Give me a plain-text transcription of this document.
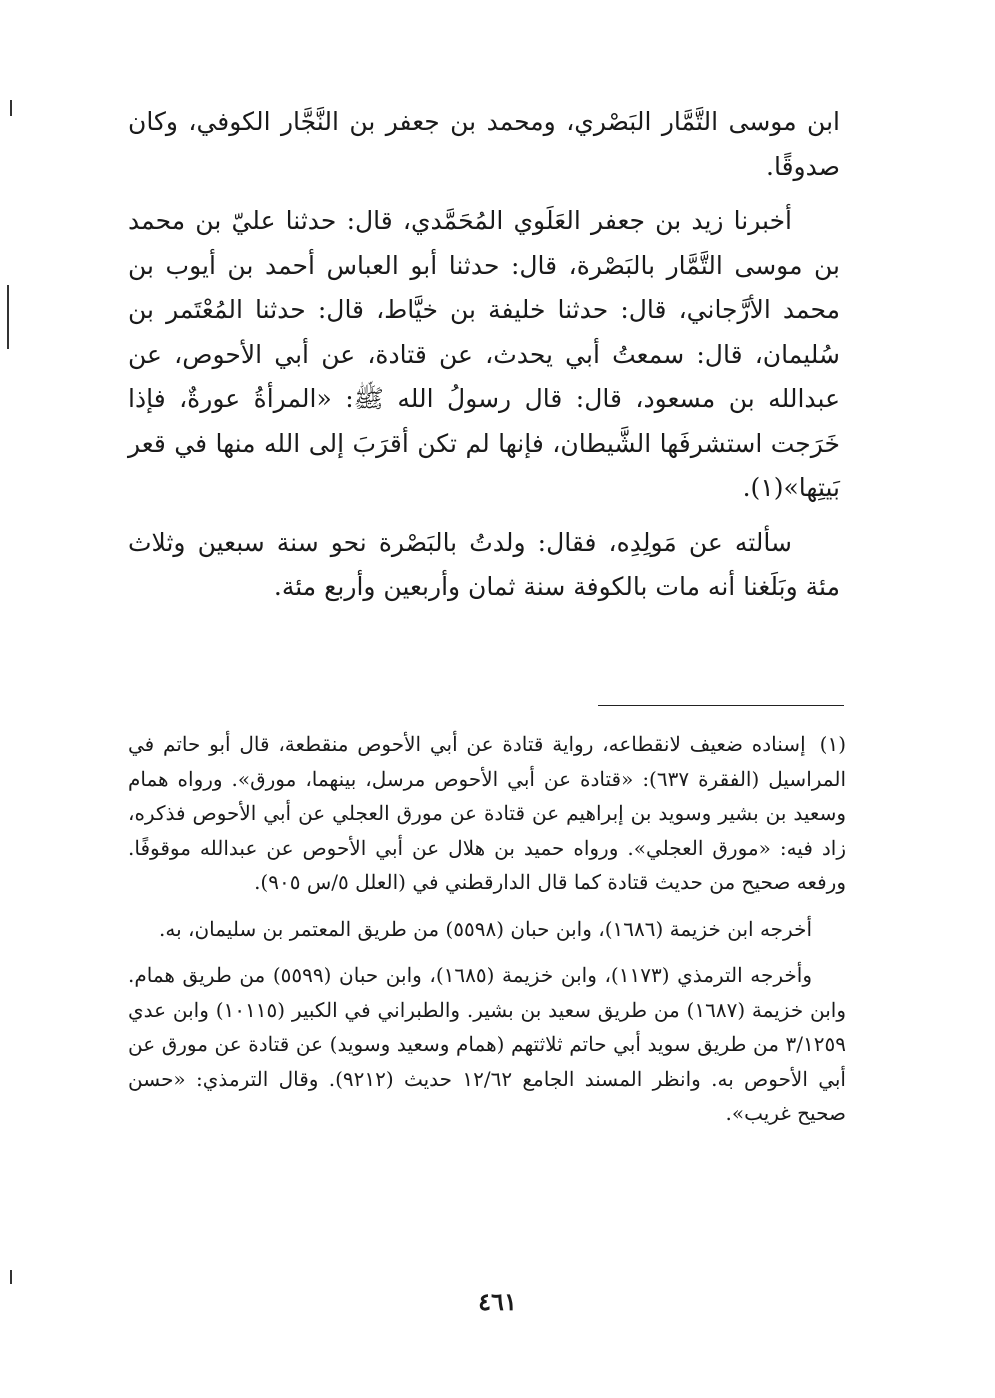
ابن موسى التَّمَّار البَصْري، ومحمد بن جعفر بن النَّجَّار الكوفي، وكان صدوقًا.

أخبرنا زيد بن جعفر العَلَوي المُحَمَّدي، قال: حدثنا عليّ بن محمد بن موسى التَّمَّار بالبَصْرة، قال: حدثنا أبو العباس أحمد بن أيوب بن محمد الأرَّجاني، قال: حدثنا خليفة بن خيَّاط، قال: حدثنا المُعْتَمر بن سُليمان، قال: سمعتُ أبي يحدث، عن قتادة، عن أبي الأحوص، عن عبدالله بن مسعود، قال: قال رسولُ الله ﷺ: «المرأةُ عورةٌ، فإذا خَرَجت استشرفَها الشَّيطان، فإنها لم تكن أقرَبَ إلى الله منها في قعر بَيتِها»(١).

سألته عن مَولِدِه، فقال: ولدتُ بالبَصْرة نحو سنة سبعين وثلاث مئة وبَلَغنا أنه مات بالكوفة سنة ثمان وأربعين وأربع مئة.

(١)إسناده ضعيف لانقطاعه، رواية قتادة عن أبي الأحوص منقطعة، قال أبو حاتم في المراسيل (الفقرة ٦٣٧): «قتادة عن أبي الأحوص مرسل، بينهما، مورق». ورواه همام وسعيد بن بشير وسويد بن إبراهيم عن قتادة عن مورق العجلي عن أبي الأحوص فذكره، زاد فيه: «مورق العجلي». ورواه حميد بن هلال عن أبي الأحوص عن عبدالله موقوفًا. ورفعه صحيح من حديث قتادة كما قال الدارقطني في (العلل ٥/س ٩٠٥).

أخرجه ابن خزيمة (١٦٨٦)، وابن حبان (٥٥٩٨) من طريق المعتمر بن سليمان، به.

وأخرجه الترمذي (١١٧٣)، وابن خزيمة (١٦٨٥)، وابن حبان (٥٥٩٩) من طريق همام. وابن خزيمة (١٦٨٧) من طريق سعيد بن بشير. والطبراني في الكبير (١٠١١٥) وابن عدي ٣/١٢٥٩ من طريق سويد أبي حاتم ثلاثتهم (همام وسعيد وسويد) عن قتادة عن مورق عن أبي الأحوص به. وانظر المسند الجامع ١٢/٦٢ حديث (٩٢١٢). وقال الترمذي: «حسن صحيح غريب».

٤٦١
